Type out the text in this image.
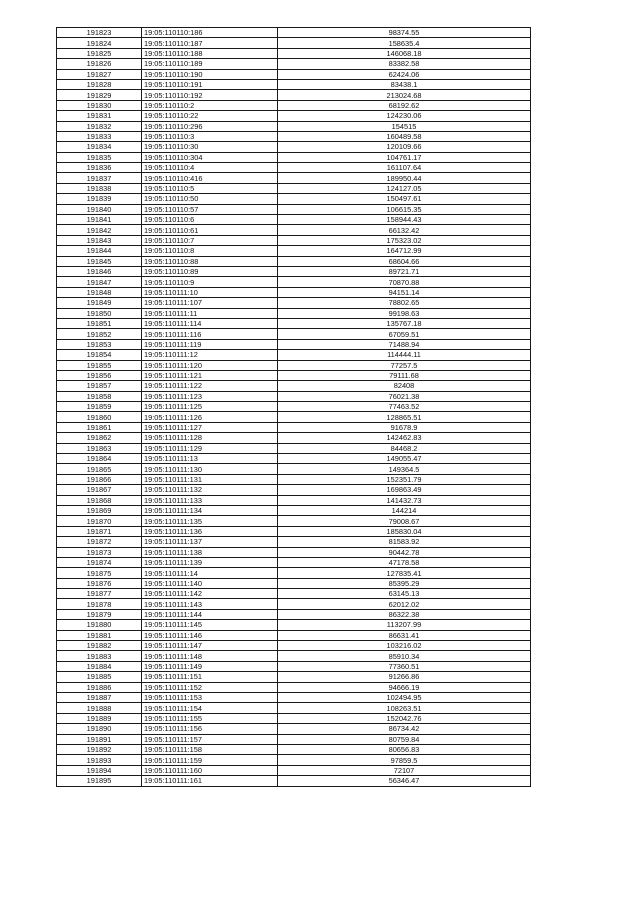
191823	19:05:110110:186	98374.55
191824	19:05:110110:187	158635.4
191825	19:05:110110:188	146068.18
191826	19:05:110110:189	83382.58
191827	19:05:110110:190	62424.06
191828	19:05:110110:191	83438.1
191829	19:05:110110:192	213024.68
191830	19:05:110110:2	68192.62
191831	19:05:110110:22	124230.06
191832	19:05:110110:296	154515
191833	19:05:110110:3	160489.58
191834	19:05:110110:30	120109.66
191835	19:05:110110:304	104761.17
191836	19:05:110110:4	161107.64
191837	19:05:110110:416	189950.44
191838	19:05:110110:5	124127.05
191839	19:05:110110:50	150497.61
191840	19:05:110110:57	106615.35
191841	19:05:110110:6	158944.43
191842	19:05:110110:61	66132.42
191843	19:05:110110:7	175323.02
191844	19:05:110110:8	164712.99
191845	19:05:110110:88	68604.66
191846	19:05:110110:89	89721.71
191847	19:05:110110:9	70870.88
191848	19:05:110111:10	94151.14
191849	19:05:110111:107	78802.65
191850	19:05:110111:11	99198.63
191851	19:05:110111:114	135767.18
191852	19:05:110111:116	67059.51
191853	19:05:110111:119	71488.94
191854	19:05:110111:12	114444.11
191855	19:05:110111:120	77257.5
191856	19:05:110111:121	79111.68
191857	19:05:110111:122	82408
191858	19:05:110111:123	76021.38
191859	19:05:110111:125	77463.52
191860	19:05:110111:126	128865.51
191861	19:05:110111:127	91678.9
191862	19:05:110111:128	142462.83
191863	19:05:110111:129	84468.2
191864	19:05:110111:13	149055.47
191865	19:05:110111:130	149364.5
191866	19:05:110111:131	152351.79
191867	19:05:110111:132	169863.49
191868	19:05:110111:133	141432.73
191869	19:05:110111:134	144214
191870	19:05:110111:135	79008.67
191871	19:05:110111:136	185830.04
191872	19:05:110111:137	81583.92
191873	19:05:110111:138	90442.78
191874	19:05:110111:139	47178.58
191875	19:05:110111:14	127835.41
191876	19:05:110111:140	85395.29
191877	19:05:110111:142	63145.13
191878	19:05:110111:143	62012.02
191879	19:05:110111:144	86322.38
191880	19:05:110111:145	113207.99
191881	19:05:110111:146	86631.41
191882	19:05:110111:147	103216.02
191883	19:05:110111:148	85910.34
191884	19:05:110111:149	77360.51
191885	19:05:110111:151	91266.86
191886	19:05:110111:152	94666.19
191887	19:05:110111:153	102494.95
191888	19:05:110111:154	108263.51
191889	19:05:110111:155	152042.76
191890	19:05:110111:156	86734.42
191891	19:05:110111:157	80759.84
191892	19:05:110111:158	80656.83
191893	19:05:110111:159	97859.5
191894	19:05:110111:160	72107
191895	19:05:110111:161	56346.47
